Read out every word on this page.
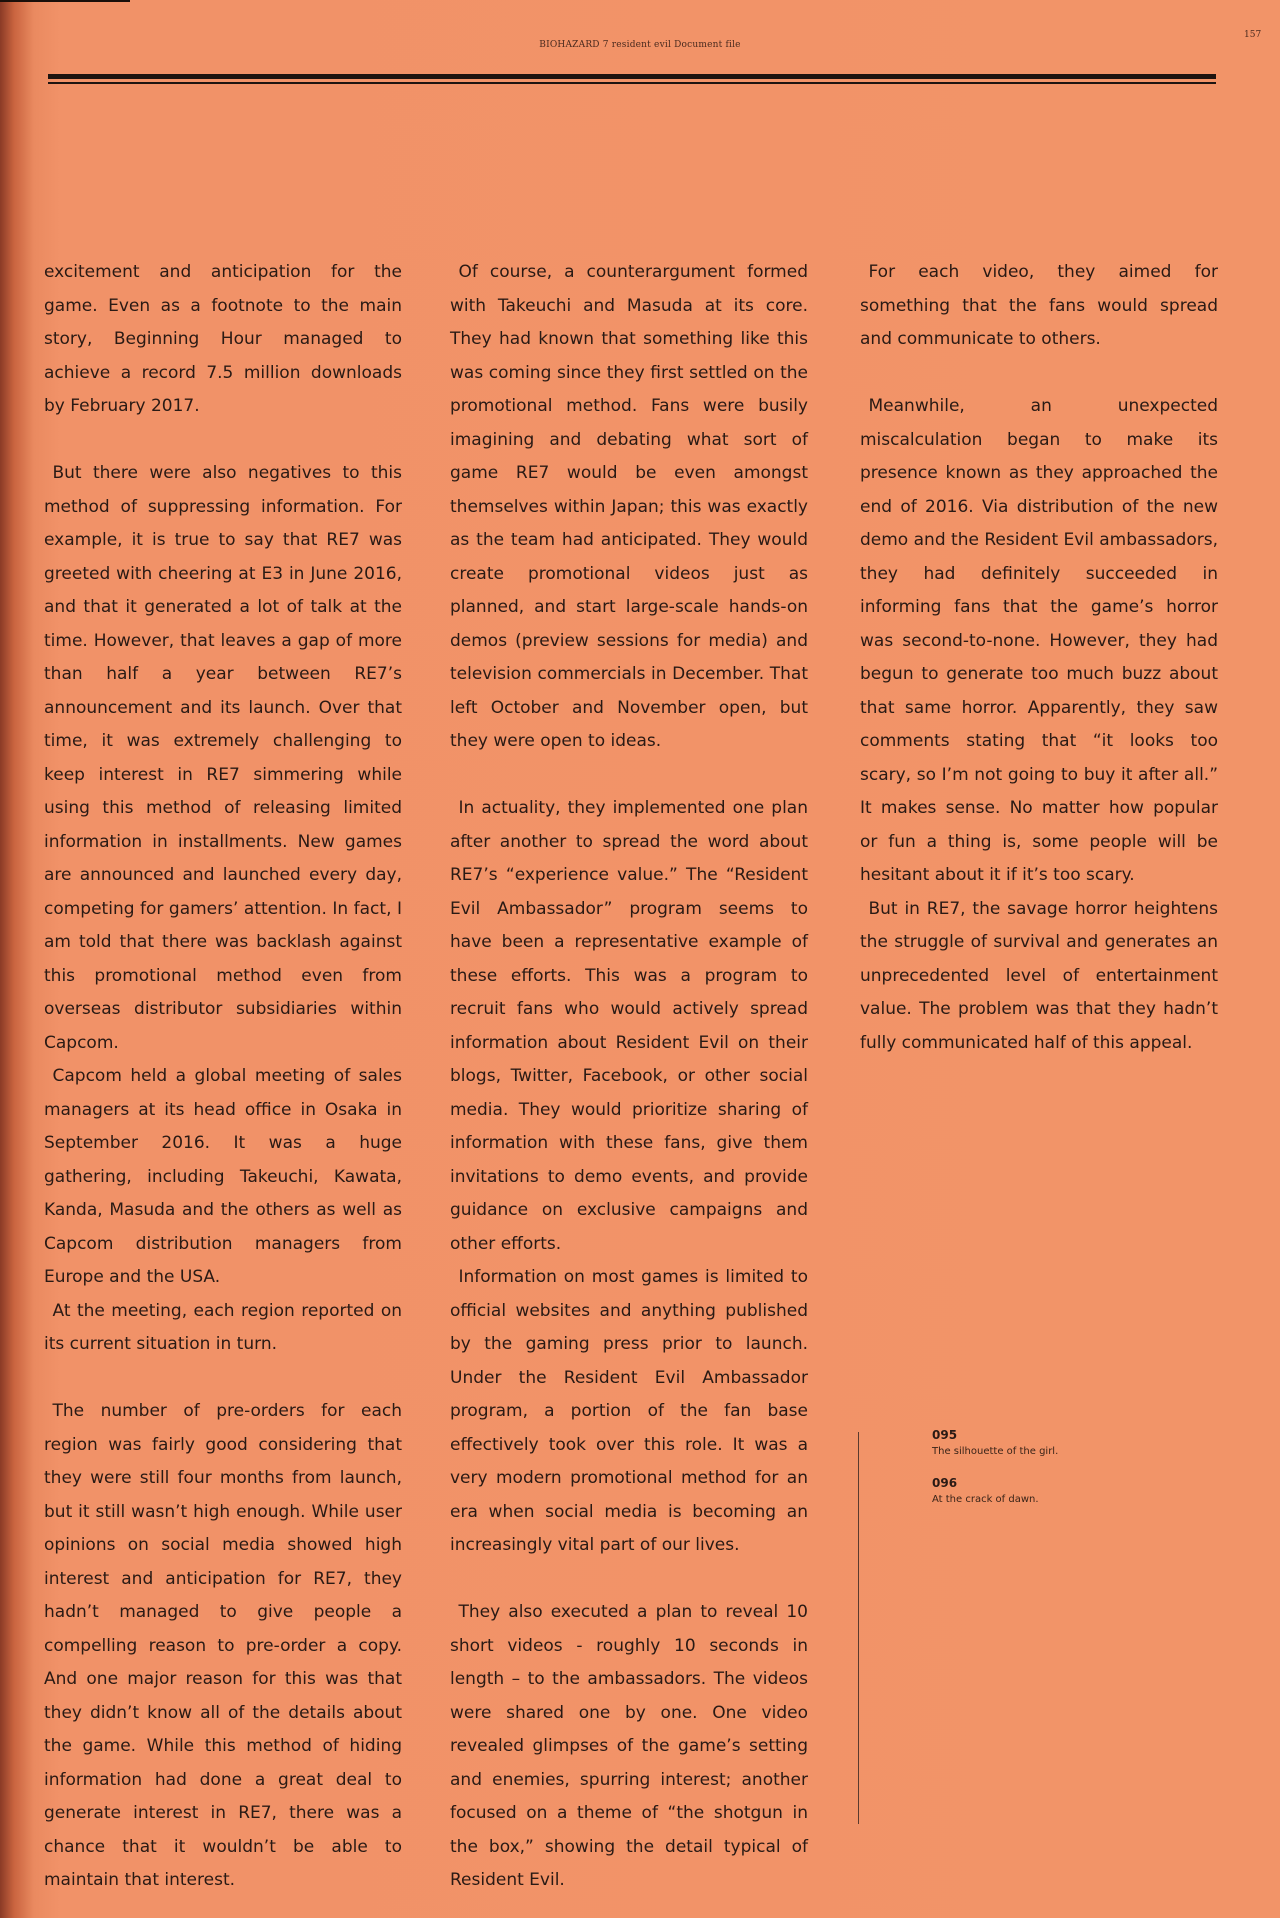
BIOHAZARD 7 resident evil Document file
157

excitement and anticipation for the game. Even as a footnote to the main story, Beginning Hour managed to achieve a record 7.5 million downloads by February 2017.

But there were also negatives to this method of suppressing information. For example, it is true to say that RE7 was greeted with cheering at E3 in June 2016, and that it generated a lot of talk at the time. However, that leaves a gap of more than half a year between RE7’s announcement and its launch. Over that time, it was extremely challenging to keep interest in RE7 simmering while using this method of releasing limited information in installments. New games are announced and launched every day, competing for gamers’ attention. In fact, I am told that there was backlash against this promotional method even from overseas distributor subsidiaries within Capcom.

Capcom held a global meeting of sales managers at its head office in Osaka in September 2016. It was a huge gathering, including Takeuchi, Kawata, Kanda, Masuda and the others as well as Capcom distribution managers from Europe and the USA.

At the meeting, each region reported on its current situation in turn.

The number of pre-orders for each region was fairly good considering that they were still four months from launch, but it still wasn’t high enough. While user opinions on social media showed high interest and anticipation for RE7, they hadn’t managed to give people a compelling reason to pre-order a copy. And one major reason for this was that they didn’t know all of the details about the game. While this method of hiding information had done a great deal to generate interest in RE7, there was a chance that it wouldn’t be able to maintain that interest.

Of course, a counterargument formed with Takeuchi and Masuda at its core. They had known that something like this was coming since they first settled on the promotional method. Fans were busily imagining and debating what sort of game RE7 would be even amongst themselves within Japan; this was exactly as the team had anticipated. They would create promotional videos just as planned, and start large-scale hands-on demos (preview sessions for media) and television commercials in December. That left October and November open, but they were open to ideas.

In actuality, they implemented one plan after another to spread the word about RE7’s “experience value.” The “Resident Evil Ambassador” program seems to have been a representative example of these efforts. This was a program to recruit fans who would actively spread information about Resident Evil on their blogs, Twitter, Facebook, or other social media. They would prioritize sharing of information with these fans, give them invitations to demo events, and provide guidance on exclusive campaigns and other efforts.

Information on most games is limited to official websites and anything published by the gaming press prior to launch. Under the Resident Evil Ambassador program, a portion of the fan base effectively took over this role. It was a very modern promotional method for an era when social media is becoming an increasingly vital part of our lives.

They also executed a plan to reveal 10 short videos - roughly 10 seconds in length – to the ambassadors. The videos were shared one by one. One video revealed glimpses of the game’s setting and enemies, spurring interest; another focused on a theme of “the shotgun in the box,” showing the detail typical of Resident Evil.

For each video, they aimed for something that the fans would spread and communicate to others.

Meanwhile, an unexpected miscalculation began to make its presence known as they approached the end of 2016. Via distribution of the new demo and the Resident Evil ambassadors, they had definitely succeeded in informing fans that the game’s horror was second-to-none. However, they had begun to generate too much buzz about that same horror. Apparently, they saw comments stating that “it looks too scary, so I’m not going to buy it after all.” It makes sense. No matter how popular or fun a thing is, some people will be hesitant about it if it’s too scary.

But in RE7, the savage horror heightens the struggle of survival and generates an unprecedented level of entertainment value. The problem was that they hadn’t fully communicated half of this appeal.

095
The silhouette of the girl.
096
At the crack of dawn.
